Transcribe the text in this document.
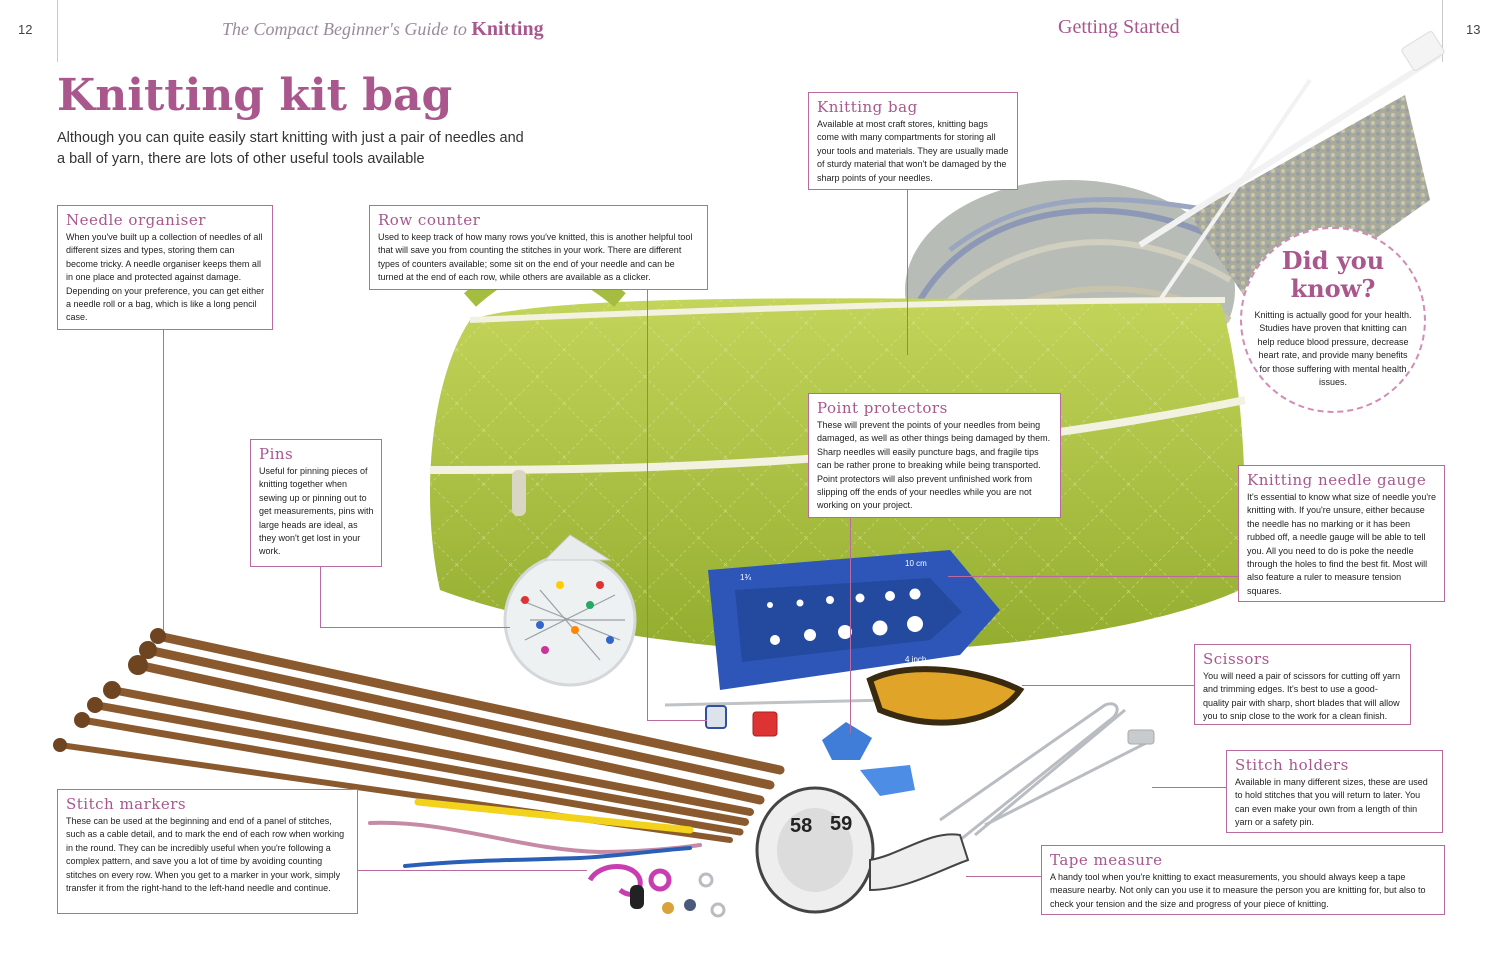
12	The Compact Beginner's Guide to Knitting	Getting Started	13
Knitting kit bag
Although you can quite easily start knitting with just a pair of needles and a ball of yarn, there are lots of other useful tools available
1¾
10 cm
4 inch
58 59
Needle organiser

When you've built up a collection of needles of all different sizes and types, storing them can become tricky. A needle organiser keeps them all in one place and protected against damage. Depending on your preference, you can get either a needle roll or a bag, which is like a long pencil case.

Row counter

Used to keep track of how many rows you've knitted, this is another helpful tool that will save you from counting the stitches in your work. There are different types of counters available; some sit on the end of your needle and can be turned at the end of each row, while others are available as a clicker.

Knitting bag

Available at most craft stores, knitting bags come with many compartments for storing all your tools and materials. They are usually made of sturdy material that won't be damaged by the sharp points of your needles.

Pins

Useful for pinning pieces of knitting together when sewing up or pinning out to get measurements, pins with large heads are ideal, as they won't get lost in your work.

Point protectors

These will prevent the points of your needles from being damaged, as well as other things being damaged by them. Sharp needles will easily puncture bags, and fragile tips can be rather prone to breaking while being transported. Point protectors will also prevent unfinished work from slipping off the ends of your needles while you are not working on your project.

Knitting needle gauge

It's essential to know what size of needle you're knitting with. If you're unsure, either because the needle has no marking or it has been rubbed off, a needle gauge will be able to tell you. All you need to do is poke the needle through the holes to find the best fit. Most will also feature a ruler to measure tension squares.

Scissors

You will need a pair of scissors for cutting off yarn and trimming edges. It's best to use a good-quality pair with sharp, short blades that will allow you to snip close to the work for a clean finish.

Stitch holders

Available in many different sizes, these are used to hold stitches that you will return to later. You can even make your own from a length of thin yarn or a safety pin.

Stitch markers

These can be used at the beginning and end of a panel of stitches, such as a cable detail, and to mark the end of each row when working in the round. They can be incredibly useful when you're following a complex pattern, and save you a lot of time by avoiding counting stitches on every row. When you get to a marker in your work, simply transfer it from the right-hand to the left-hand needle and continue.

Tape measure

A handy tool when you're knitting to exact measurements, you should always keep a tape measure nearby. Not only can you use it to measure the person you are knitting for, but also to check your tension and the size and progress of your piece of knitting.

Did you know?

Knitting is actually good for your health. Studies have proven that knitting can help reduce blood pressure, decrease heart rate, and provide many benefits for those suffering with mental health issues.
